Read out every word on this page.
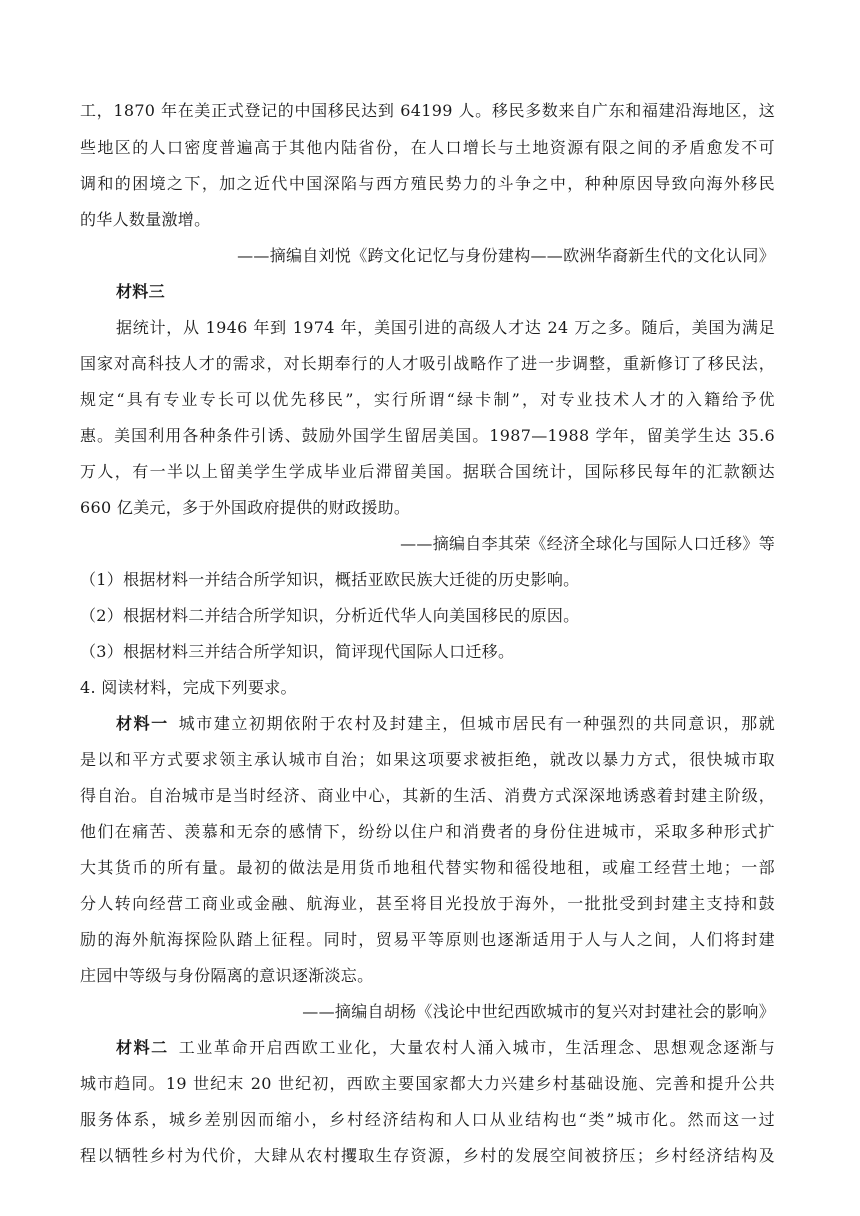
工，1870 年在美正式登记的中国移民达到 64199 人。移民多数来自广东和福建沿海地区，这
些地区的人口密度普遍高于其他内陆省份，在人口增长与土地资源有限之间的矛盾愈发不可
调和的困境之下，加之近代中国深陷与西方殖民势力的斗争之中，种种原因导致向海外移民
的华人数量激增。
——摘编自刘悦《跨文化记忆与身份建构——欧洲华裔新生代的文化认同》
材料三
据统计，从 1946 年到 1974 年，美国引进的高级人才达 24 万之多。随后，美国为满足
国家对高科技人才的需求，对长期奉行的人才吸引战略作了进一步调整，重新修订了移民法，
规定“具有专业专长可以优先移民”，实行所谓“绿卡制”，对专业技术人才的入籍给予优
惠。美国利用各种条件引诱、鼓励外国学生留居美国。1987—1988 学年，留美学生达 35.6
万人，有一半以上留美学生学成毕业后滞留美国。据联合国统计，国际移民每年的汇款额达
660 亿美元，多于外国政府提供的财政援助。
——摘编自李其荣《经济全球化与国际人口迁移》等
（1）根据材料一并结合所学知识，概括亚欧民族大迁徙的历史影响。
（2）根据材料二并结合所学知识，分析近代华人向美国移民的原因。
（3）根据材料三并结合所学知识，简评现代国际人口迁移。
4. 阅读材料，完成下列要求。
材料一 城市建立初期依附于农村及封建主，但城市居民有一种强烈的共同意识，那就
是以和平方式要求领主承认城市自治；如果这项要求被拒绝，就改以暴力方式，很快城市取
得自治。自治城市是当时经济、商业中心，其新的生活、消费方式深深地诱惑着封建主阶级，
他们在痛苦、羡慕和无奈的感情下，纷纷以住户和消费者的身份住进城市，采取多种形式扩
大其货币的所有量。最初的做法是用货币地租代替实物和徭役地租，或雇工经营土地；一部
分人转向经营工商业或金融、航海业，甚至将目光投放于海外，一批批受到封建主支持和鼓
励的海外航海探险队踏上征程。同时，贸易平等原则也逐渐适用于人与人之间，人们将封建
庄园中等级与身份隔离的意识逐渐淡忘。
——摘编自胡杨《浅论中世纪西欧城市的复兴对封建社会的影响》
材料二 工业革命开启西欧工业化，大量农村人涌入城市，生活理念、思想观念逐渐与
城市趋同。19 世纪末 20 世纪初，西欧主要国家都大力兴建乡村基础设施、完善和提升公共
服务体系，城乡差别因而缩小，乡村经济结构和人口从业结构也“类”城市化。然而这一过
程以牺牲乡村为代价，大肆从农村攫取生存资源，乡村的发展空间被挤压；乡村经济结构及
